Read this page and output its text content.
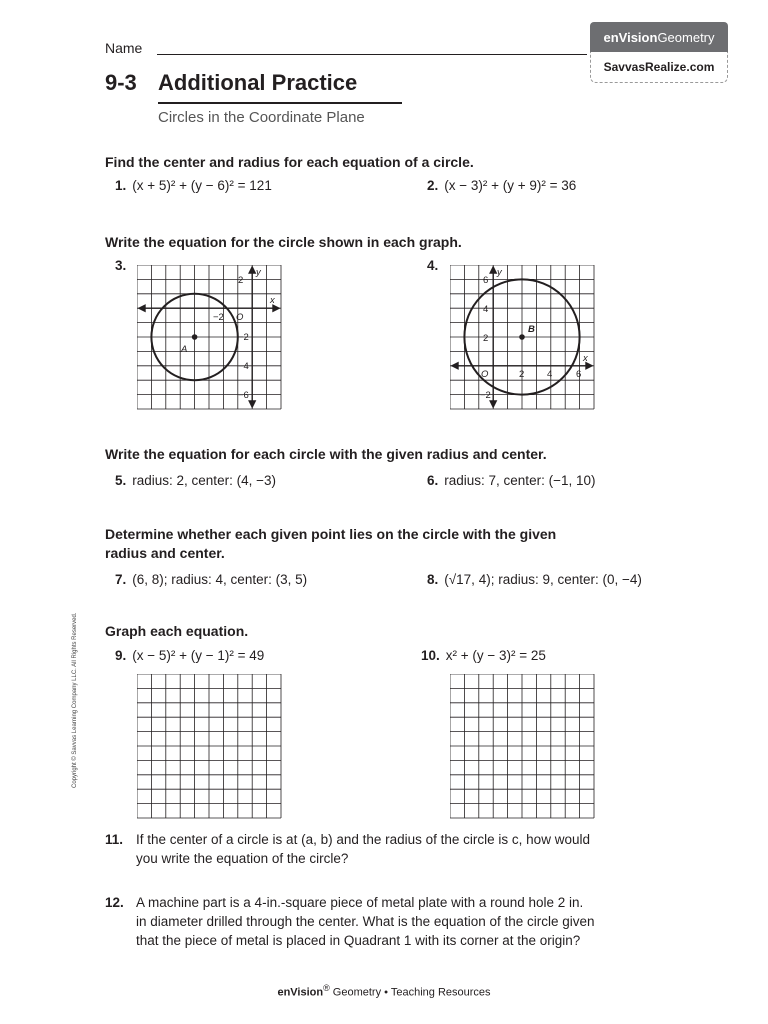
Name
en Vision Geometry
SavvasRealize.com
9-3 Additional Practice
Circles in the Coordinate Plane
Find the center and radius for each equation of a circle.
1. (x + 5)² + (y − 6)² = 121	2. (x − 3)² + (y + 9)² = 36
Write the equation for the circle shown in each graph.
3.	4.
2
y
x
−2 O
−2
−4
−6
A
6
y
4
2
B
x
O	2 4 6
−2
Write the equation for each circle with the given radius and center.
5. radius: 2, center: (4, −3)	6. radius: 7, center: (−1, 10)
Determine whether each given point lies on the circle with the given
radius and center.
7. (6, 8); radius: 4, center: (3, 5)	8. (√17, 4); radius: 9, center: (0, −4)
Graph each equation.
9. (x − 5)² + (y − 1)² = 49	10. x² + (y − 3)² = 25
11. If the center of a circle is at (a, b) and the radius of the circle is c, how would
you write the equation of the circle?
12. A machine part is a 4-in.-square piece of metal plate with a round hole 2 in.
in diameter drilled through the center. What is the equation of the circle given
that the piece of metal is placed in Quadrant 1 with its corner at the origin?
Copyright © Savvas Learning Company LLC. All Rights Reserved.
enVision® Geometry • Teaching Resources
